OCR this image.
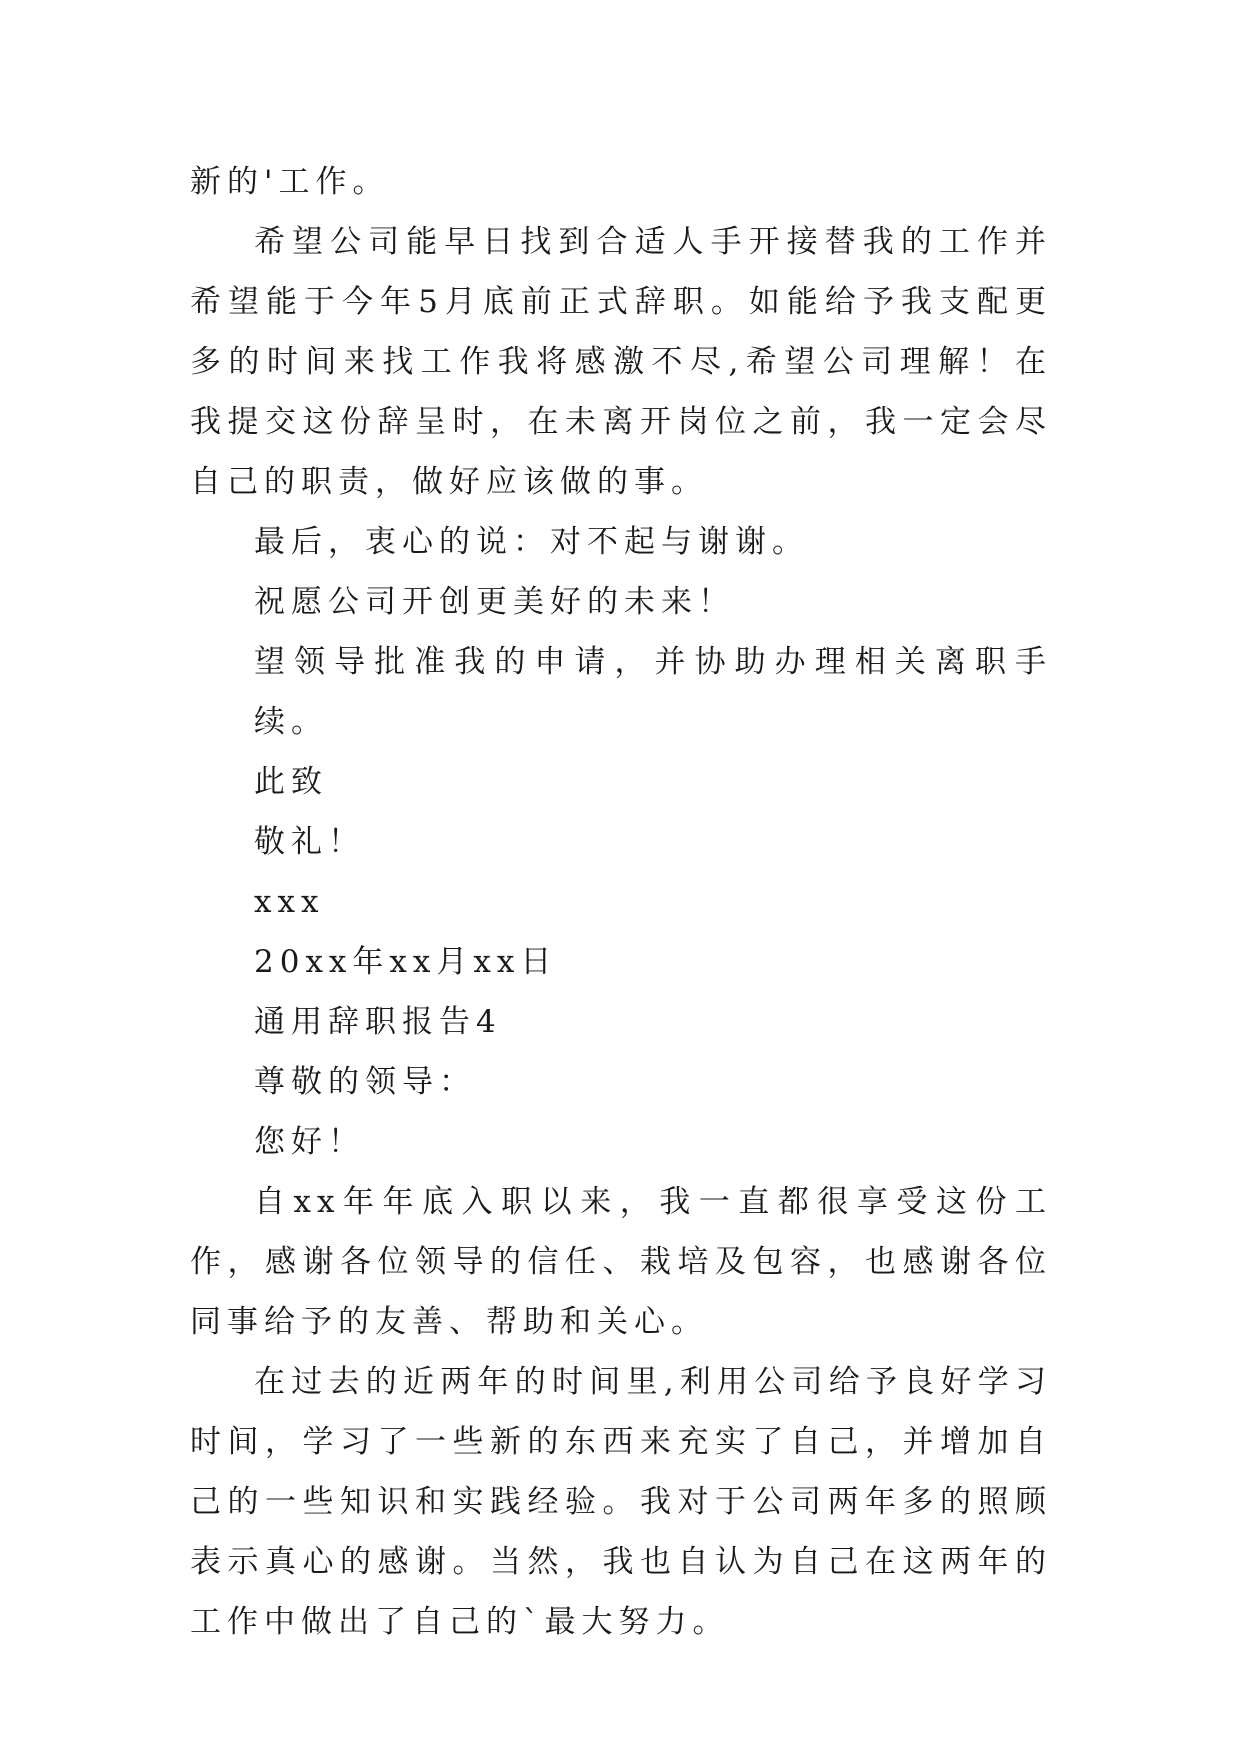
新的'工作。

希望公司能早日找到合适人手开接替我的工作并希望能于今年5月底前正式辞职。如能给予我支配更多的时间来找工作我将感激不尽,希望公司理解！在我提交这份辞呈时，在未离开岗位之前，我一定会尽自己的职责，做好应该做的事。

最后，衷心的说：对不起与谢谢。

祝愿公司开创更美好的未来！

望领导批准我的申请，并协助办理相关离职手续。

此致

敬礼！

xxx

20xx年xx月xx日

通用辞职报告4

尊敬的领导：

您好！

自xx年年底入职以来，我一直都很享受这份工作，感谢各位领导的信任、栽培及包容，也感谢各位同事给予的友善、帮助和关心。

在过去的近两年的时间里,利用公司给予良好学习时间，学习了一些新的东西来充实了自己，并增加自己的一些知识和实践经验。我对于公司两年多的照顾表示真心的感谢。当然，我也自认为自己在这两年的工作中做出了自己的`最大努力。
